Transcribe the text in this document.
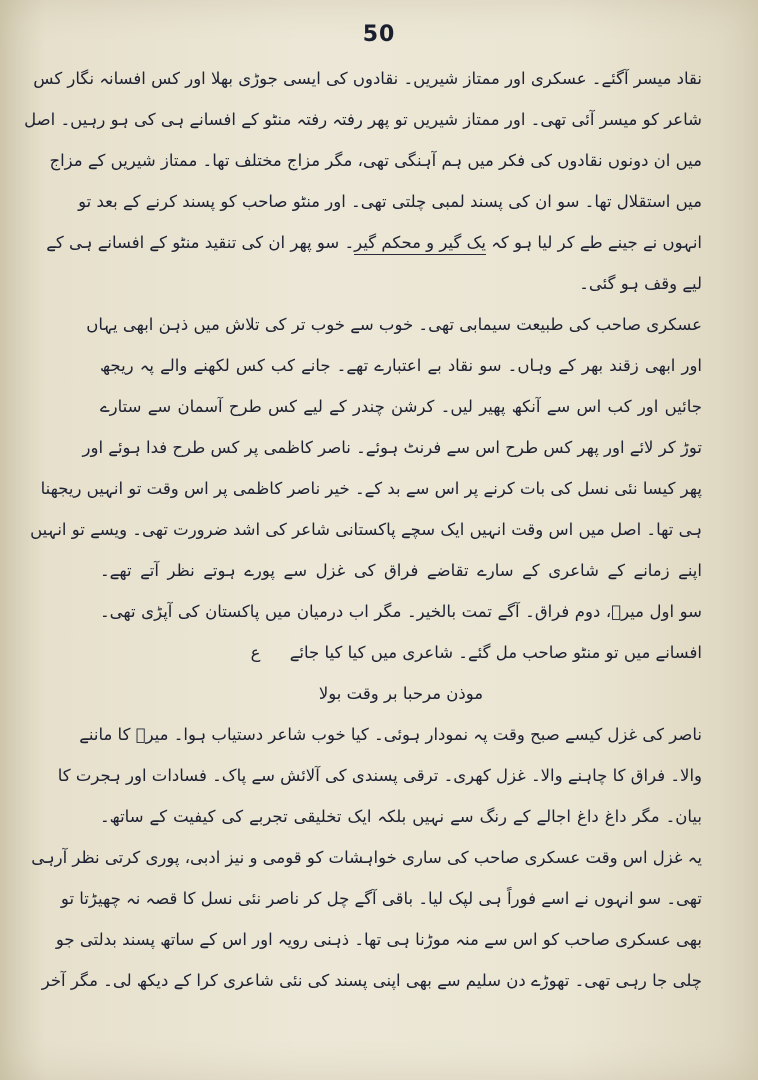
50
نقاد میسر آگئے۔ عسکری اور ممتاز شیریں۔ نقادوں کی ایسی جوڑی بھلا اور کس افسانہ نگار کس
شاعر کو میسر آئی تھی۔ اور ممتاز شیریں تو پھر رفتہ رفتہ منٹو کے افسانے ہی کی ہو رہیں۔ اصل
میں ان دونوں نقادوں کی فکر میں ہم آہنگی تھی، مگر مزاج مختلف تھا۔ ممتاز شیریں کے مزاج
میں استقلال تھا۔ سو ان کی پسند لمبی چلتی تھی۔ اور منٹو صاحب کو پسند کرنے کے بعد تو
انہوں نے جینے طے کر لیا ہو کہ یک گیر و محکم گیر۔ سو پھر ان کی تنقید منٹو کے افسانے ہی کے
لیے وقف ہو گئی۔
عسکری صاحب کی طبیعت سیمابی تھی۔ خوب سے خوب تر کی تلاش میں ذہن ابھی یہاں
اور ابھی زقند بھر کے وہاں۔ سو نقاد بے اعتبارے تھے۔ جانے کب کس لکھنے والے پہ ریجھ
جائیں اور کب اس سے آنکھ پھیر لیں۔ کرشن چندر کے لیے کس طرح آسمان سے ستارے
توڑ کر لائے اور پھر کس طرح اس سے فرنٹ ہوئے۔ ناصر کاظمی پر کس طرح فدا ہوئے اور
پھر کیسا نئی نسل کی بات کرنے پر اس سے بد کے۔ خیر ناصر کاظمی پر اس وقت تو انہیں ریجھنا
ہی تھا۔ اصل میں اس وقت انہیں ایک سچے پاکستانی شاعر کی اشد ضرورت تھی۔ ویسے تو انہیں
اپنے زمانے کے شاعری کے سارے تقاضے فراق کی غزل سے پورے ہوتے نظر آتے تھے۔
سو اول میرؔ، دوم فراق۔ آگے تمت بالخیر۔ مگر اب درمیان میں پاکستان کی آپڑی تھی۔
افسانے میں تو منٹو صاحب مل گئے۔ شاعری میں کیا کیا جائے ع
موذن مرحبا بر وقت بولا
ناصر کی غزل کیسے صبح وقت پہ نمودار ہوئی۔ کیا خوب شاعر دستیاب ہوا۔ میرؔ کا ماننے
والا۔ فراق کا چاہنے والا۔ غزل کھری۔ ترقی پسندی کی آلائش سے پاک۔ فسادات اور ہجرت کا
بیان۔ مگر داغ داغ اجالے کے رنگ سے نہیں بلکہ ایک تخلیقی تجربے کی کیفیت کے ساتھ۔
یہ غزل اس وقت عسکری صاحب کی ساری خواہشات کو قومی و نیز ادبی، پوری کرتی نظر آرہی
تھی۔ سو انہوں نے اسے فوراً ہی لپک لیا۔ باقی آگے چل کر ناصر نئی نسل کا قصہ نہ چھیڑتا تو
بھی عسکری صاحب کو اس سے منہ موڑنا ہی تھا۔ ذہنی رویہ اور اس کے ساتھ پسند بدلتی جو
چلی جا رہی تھی۔ تھوڑے دن سلیم سے بھی اپنی پسند کی نئی شاعری کرا کے دیکھ لی۔ مگر آخر
